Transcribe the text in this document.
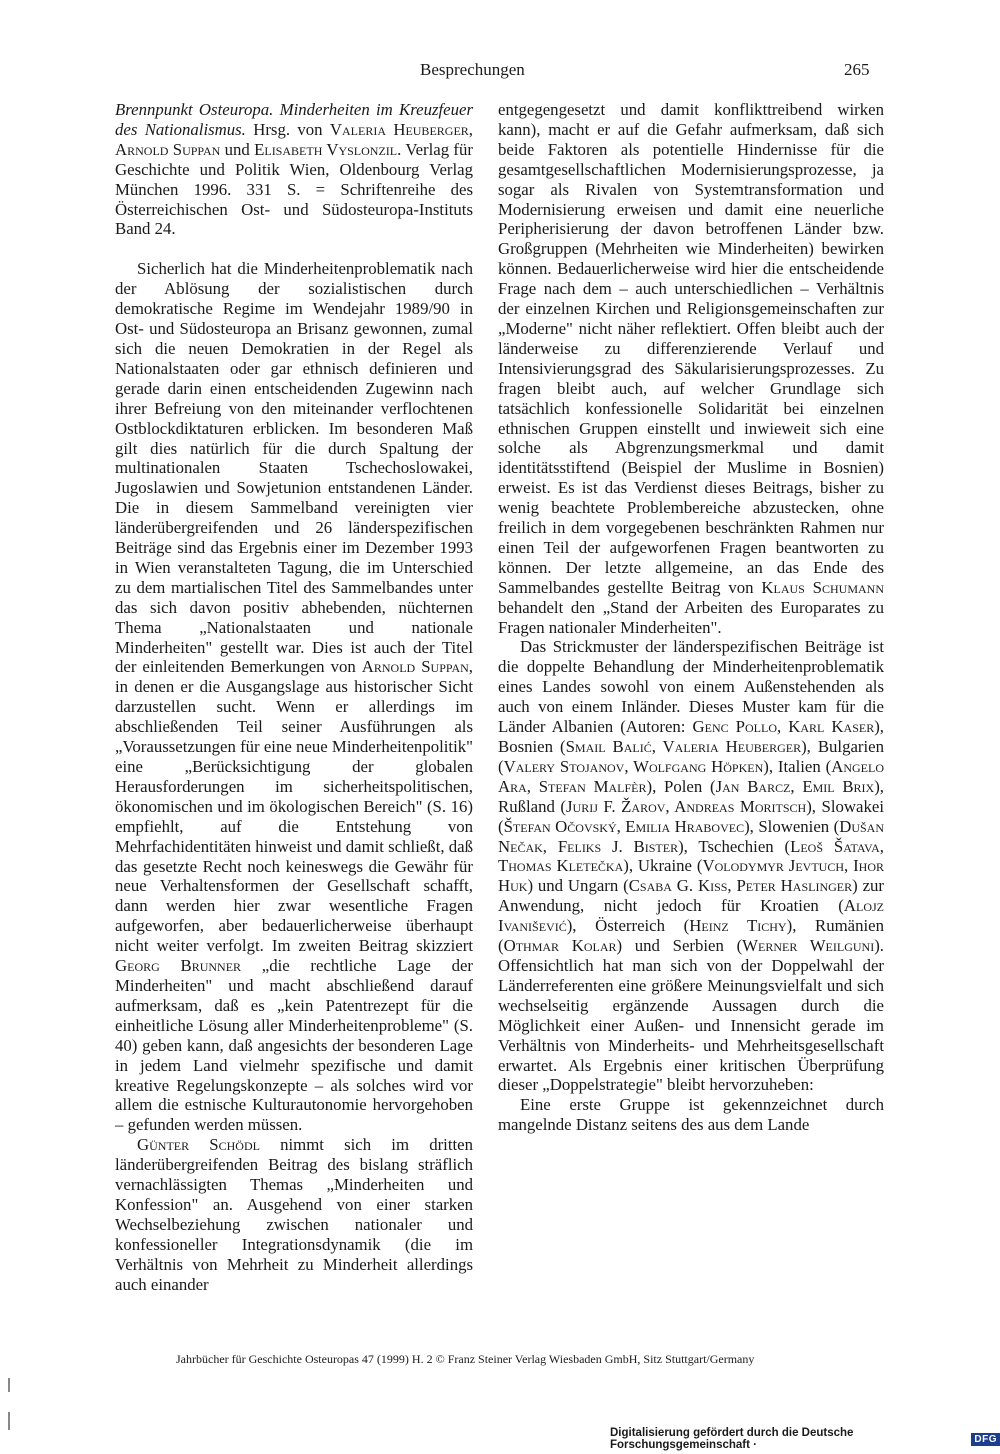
Besprechungen	265

Brennpunkt Osteuropa. Minderheiten im Kreuzfeuer des Nationalismus. Hrsg. von Valeria Heuberger, Arnold Suppan und Elisabeth Vyslonzil. Verlag für Geschichte und Politik Wien, Oldenbourg Verlag München 1996. 331 S. = Schriftenreihe des Österreichischen Ost- und Südosteuropa-Instituts Band 24.

Sicherlich hat die Minderheitenproblematik nach der Ablösung der sozialistischen durch demokratische Regime im Wendejahr 1989/90 in Ost- und Südosteuropa an Brisanz gewonnen, zumal sich die neuen Demokratien in der Regel als Nationalstaaten oder gar ethnisch definieren und gerade darin einen entscheidenden Zugewinn nach ihrer Befreiung von den miteinander verflochtenen Ostblockdiktaturen erblicken. Im besonderen Maß gilt dies natürlich für die durch Spaltung der multinationalen Staaten Tschechoslowakei, Jugoslawien und Sowjetunion entstandenen Länder. Die in diesem Sammelband vereinigten vier länderübergreifenden und 26 länderspezifischen Beiträge sind das Ergebnis einer im Dezember 1993 in Wien veranstalteten Tagung, die im Unterschied zu dem martialischen Titel des Sammelbandes unter das sich davon positiv abhebenden, nüchternen Thema „Nationalstaaten und nationale Minderheiten" gestellt war. Dies ist auch der Titel der einleitenden Bemerkungen von Arnold Suppan, in denen er die Ausgangslage aus historischer Sicht darzustellen sucht. Wenn er allerdings im abschließenden Teil seiner Ausführungen als „Voraussetzungen für eine neue Minderheitenpolitik" eine „Berücksichtigung der globalen Herausforderungen im sicherheitspolitischen, ökonomischen und im ökologischen Bereich" (S. 16) empfiehlt, auf die Entstehung von Mehrfachidentitäten hinweist und damit schließt, daß das gesetzte Recht noch keineswegs die Gewähr für neue Verhaltensformen der Gesellschaft schafft, dann werden hier zwar wesentliche Fragen aufgeworfen, aber bedauerlicherweise überhaupt nicht weiter verfolgt. Im zweiten Beitrag skizziert Georg Brunner „die rechtliche Lage der Minderheiten" und macht abschließend darauf aufmerksam, daß es „kein Patentrezept für die einheitliche Lösung aller Minderheitenprobleme" (S. 40) geben kann, daß angesichts der besonderen Lage in jedem Land vielmehr spezifische und damit kreative Regelungskonzepte – als solches wird vor allem die estnische Kulturautonomie hervorgehoben – gefunden werden müssen.

Günter Schödl nimmt sich im dritten länderübergreifenden Beitrag des bislang sträflich vernachlässigten Themas „Minderheiten und Konfession" an. Ausgehend von einer starken Wechselbeziehung zwischen nationaler und konfessioneller Integrationsdynamik (die im Verhältnis von Mehrheit zu Minderheit allerdings auch einander

entgegengesetzt und damit konflikttreibend wirken kann), macht er auf die Gefahr aufmerksam, daß sich beide Faktoren als potentielle Hindernisse für die gesamtgesellschaftlichen Modernisierungsprozesse, ja sogar als Rivalen von Systemtransformation und Modernisierung erweisen und damit eine neuerliche Peripherisierung der davon betroffenen Länder bzw. Großgruppen (Mehrheiten wie Minderheiten) bewirken können. Bedauerlicherweise wird hier die entscheidende Frage nach dem – auch unterschiedlichen – Verhältnis der einzelnen Kirchen und Religionsgemeinschaften zur „Moderne" nicht näher reflektiert. Offen bleibt auch der länderweise zu differenzierende Verlauf und Intensivierungsgrad des Säkularisierungsprozesses. Zu fragen bleibt auch, auf welcher Grundlage sich tatsächlich konfessionelle Solidarität bei einzelnen ethnischen Gruppen einstellt und inwieweit sich eine solche als Abgrenzungsmerkmal und damit identitätsstiftend (Beispiel der Muslime in Bosnien) erweist. Es ist das Verdienst dieses Beitrags, bisher zu wenig beachtete Problembereiche abzustecken, ohne freilich in dem vorgegebenen beschränkten Rahmen nur einen Teil der aufgeworfenen Fragen beantworten zu können. Der letzte allgemeine, an das Ende des Sammelbandes gestellte Beitrag von Klaus Schumann behandelt den „Stand der Arbeiten des Europarates zu Fragen nationaler Minderheiten".

Das Strickmuster der länderspezifischen Beiträge ist die doppelte Behandlung der Minderheitenproblematik eines Landes sowohl von einem Außenstehenden als auch von einem Inländer. Dieses Muster kam für die Länder Albanien (Autoren: Genc Pollo, Karl Kaser), Bosnien (Smail Balić, Valeria Heuberger), Bulgarien (Valery Stojanov, Wolfgang Höpken), Italien (Angelo Ara, Stefan Malfèr), Polen (Jan Barcz, Emil Brix), Rußland (Jurij F. Žarov, Andreas Moritsch), Slowakei (Štefan Očovský, Emilia Hrabovec), Slowenien (Dušan Nečak, Feliks J. Bister), Tschechien (Leoš Šatava, Thomas Kletečka), Ukraine (Volodymyr Jevtuch, Ihor Huk) und Ungarn (Csaba G. Kiss, Peter Haslinger) zur Anwendung, nicht jedoch für Kroatien (Alojz Ivanišević), Österreich (Heinz Tichy), Rumänien (Othmar Kolar) und Serbien (Werner Weilguni). Offensichtlich hat man sich von der Doppelwahl der Länderreferenten eine größere Meinungsvielfalt und sich wechselseitig ergänzende Aussagen durch die Möglichkeit einer Außen- und Innensicht gerade im Verhältnis von Minderheits- und Mehrheitsgesellschaft erwartet. Als Ergebnis einer kritischen Überprüfung dieser „Doppelstrategie" bleibt hervorzuheben:

Eine erste Gruppe ist gekennzeichnet durch mangelnde Distanz seitens des aus dem Lande

Jahrbücher für Geschichte Osteuropas 47 (1999) H. 2 © Franz Steiner Verlag Wiesbaden GmbH, Sitz Stuttgart/Germany
Digitalisierung gefördert durch die Deutsche Forschungsgemeinschaft ·	DFG
